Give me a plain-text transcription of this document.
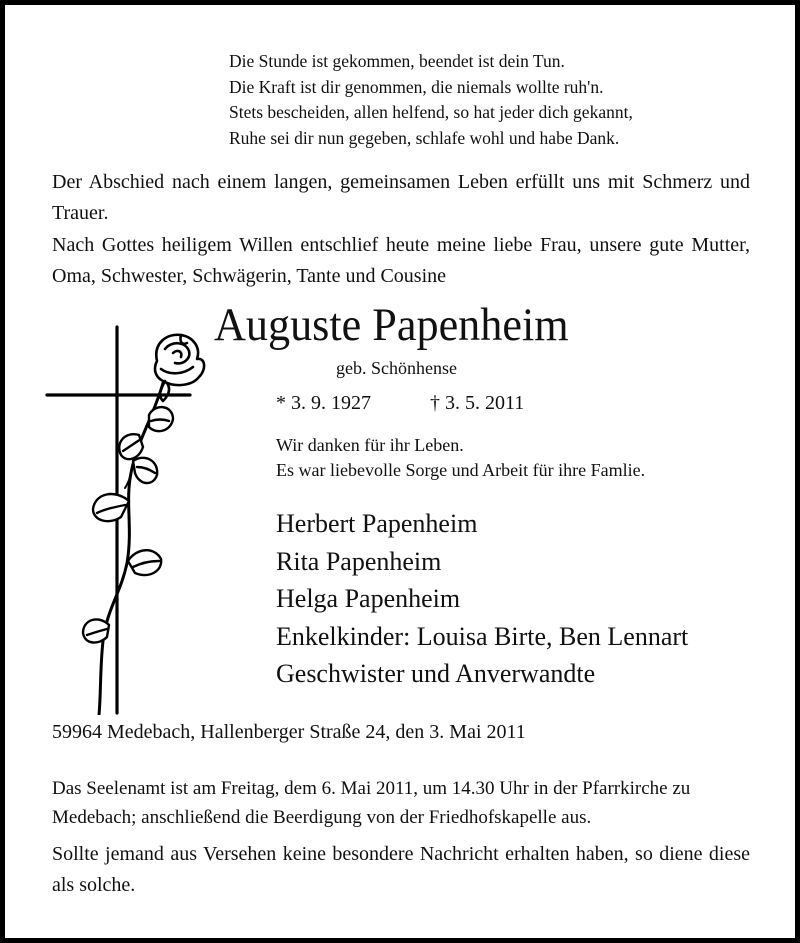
Die Stunde ist gekommen, beendet ist dein Tun.
Die Kraft ist dir genommen, die niemals wollte ruh'n.
Stets bescheiden, allen helfend, so hat jeder dich gekannt,
Ruhe sei dir nun gegeben, schlafe wohl und habe Dank.
Der Abschied nach einem langen, gemeinsamen Leben erfüllt uns mit Schmerz und Trauer.
Nach Gottes heiligem Willen entschlief heute meine liebe Frau, unsere gute Mutter, Oma, Schwester, Schwägerin, Tante und Cousine
Auguste Papenheim
geb. Schönhense
* 3. 9. 1927	† 3. 5. 2011
Wir danken für ihr Leben.
Es war liebevolle Sorge und Arbeit für ihre Famlie.
Herbert Papenheim
Rita Papenheim
Helga Papenheim
Enkelkinder: Louisa Birte, Ben Lennart
Geschwister und Anverwandte
59964 Medebach, Hallenberger Straße 24, den 3. Mai 2011
Das Seelenamt ist am Freitag, dem 6. Mai 2011, um 14.30 Uhr in der Pfarrkirche zu Medebach; anschließend die Beerdigung von der Friedhofskapelle aus.
Sollte jemand aus Versehen keine besondere Nachricht erhalten haben, so diene diese als solche.
